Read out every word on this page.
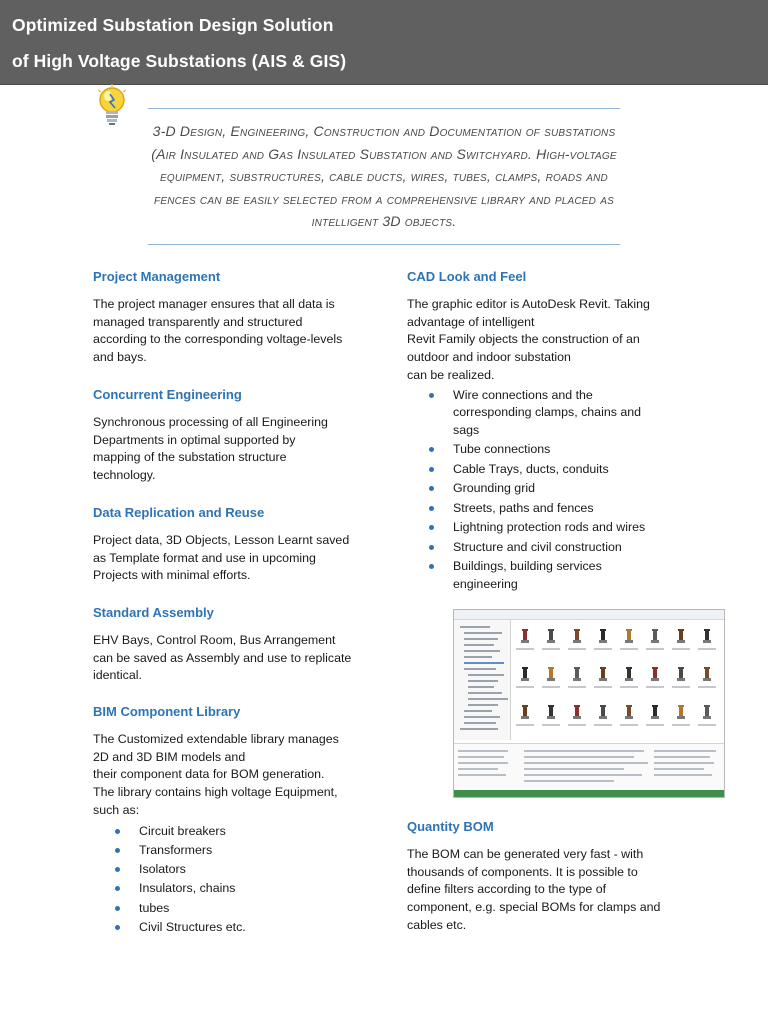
Optimized Substation Design Solution
of High Voltage Substations (AIS & GIS)
3-D Design, Engineering, Construction and Documentation of substations (Air Insulated and Gas Insulated Substation and Switchyard. High-voltage equipment, substructures, cable ducts, wires, tubes, clamps, roads and fences can be easily selected from a comprehensive library and placed as intelligent 3D objects.

Project Management

The project manager ensures that all data is

managed transparently and structured

according to the corresponding voltage-levels

and bays.

Concurrent Engineering

Synchronous processing of all Engineering

Departments in optimal supported by

mapping of the substation structure

technology.

Data Replication and Reuse

Project data, 3D Objects, Lesson Learnt saved

as Template format and use in upcoming

Projects with minimal efforts.

Standard Assembly

EHV Bays, Control Room, Bus Arrangement

can be saved as Assembly and use to replicate

identical.

BIM Component Library

The Customized extendable library manages

2D and 3D BIM models and

their component data for BOM generation.

The library contains high voltage Equipment,

such as:

Circuit breakers
Transformers
Isolators
Insulators, chains
tubes
Civil Structures etc.

CAD Look and Feel

The graphic editor is AutoDesk Revit. Taking

advantage of intelligent

Revit Family objects the construction of an

outdoor and indoor substation

can be realized.

Wire connections and the
corresponding clamps, chains and
sags
Tube connections
Cable Trays, ducts, conduits
Grounding grid
Streets, paths and fences
Lightning protection rods and wires
Structure and civil construction
Buildings, building services
engineering

Quantity BOM

The BOM can be generated very fast - with

thousands of components. It is possible to

define filters according to the type of

component, e.g. special BOMs for clamps and

cables etc.
